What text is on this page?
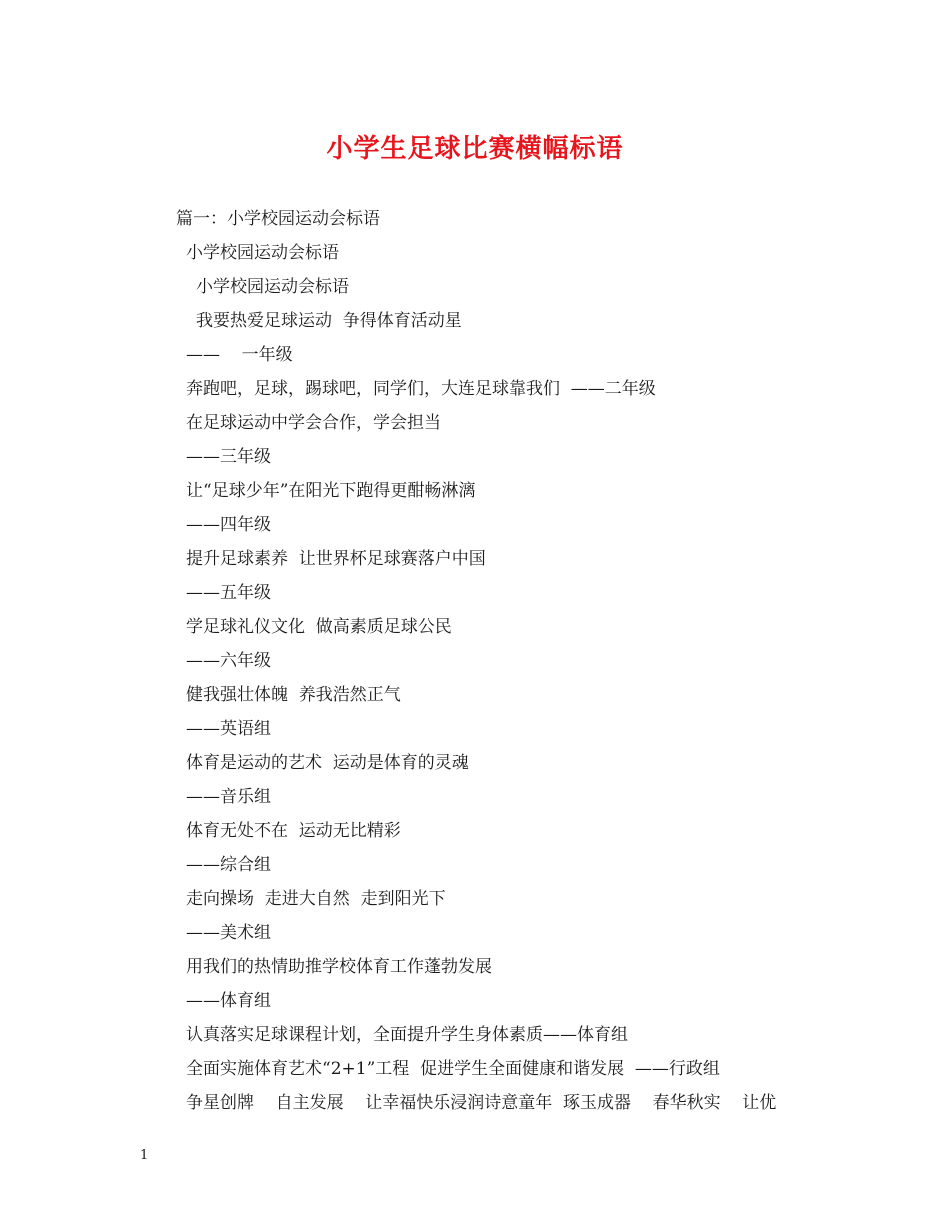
小学生足球比赛横幅标语
篇一：小学校园运动会标语
小学校园运动会标语
小学校园运动会标语
我要热爱足球运动  争得体育活动星
——    一年级
奔跑吧，足球，踢球吧，同学们，大连足球靠我们  ——二年级
在足球运动中学会合作，学会担当
——三年级
让“足球少年”在阳光下跑得更酣畅淋漓
——四年级
提升足球素养  让世界杯足球赛落户中国
——五年级
学足球礼仪文化  做高素质足球公民
——六年级
健我强壮体魄  养我浩然正气
——英语组
体育是运动的艺术  运动是体育的灵魂
——音乐组
体育无处不在  运动无比精彩
——综合组
走向操场  走进大自然  走到阳光下
——美术组
用我们的热情助推学校体育工作蓬勃发展
——体育组
认真落实足球课程计划，全面提升学生身体素质——体育组
全面实施体育艺术“2+1”工程  促进学生全面健康和谐发展  ——行政组
争星创牌    自主发展    让幸福快乐浸润诗意童年  琢玉成器    春华秋实    让优
1
